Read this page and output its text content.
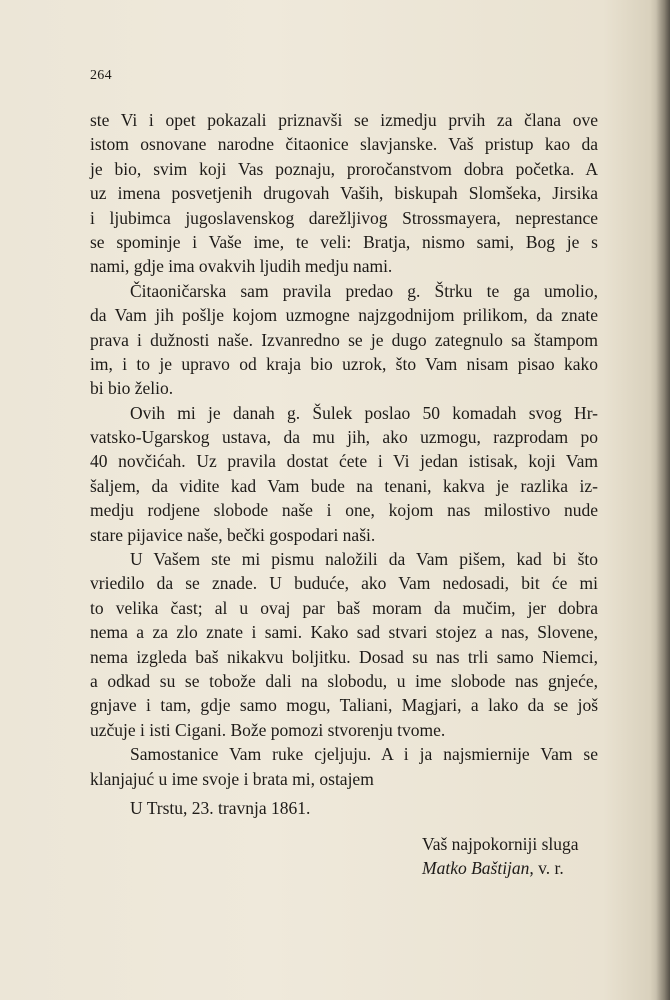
264
ste Vi i opet pokazali priznavši se izmedju prvih za člana ove
istom osnovane narodne čitaonice slavjanske. Vaš pristup kao da
je bio, svim koji Vas poznaju, proročanstvom dobra početka. A
uz imena posvetjenih drugovah Vaših, biskupah Slomšeka, Jirsika
i ljubimca jugoslavenskog darežljivog Strossmayera, neprestance
se spominje i Vaše ime, te veli: Bratja, nismo sami, Bog je s
nami, gdje ima ovakvih ljudih medju nami.
Čitaoničarska sam pravila predao g. Štrku te ga umolio,
da Vam jih pošlje kojom uzmogne najzgodnijom prilikom, da znate
prava i dužnosti naše. Izvanredno se je dugo zategnulo sa štampom
im, i to je upravo od kraja bio uzrok, što Vam nisam pisao kako
bi bio želio.
Ovih mi je danah g. Šulek poslao 50 komadah svog Hr-
vatsko-Ugarskog ustava, da mu jih, ako uzmogu, razprodam po
40 novčićah. Uz pravila dostat ćete i Vi jedan istisak, koji Vam
šaljem, da vidite kad Vam bude na tenani, kakva je razlika iz-
medju rodjene slobode naše i one, kojom nas milostivo nude
stare pijavice naše, bečki gospodari naši.
U Vašem ste mi pismu naložili da Vam pišem, kad bi što
vriedilo da se znade. U buduće, ako Vam nedosadi, bit će mi
to velika čast; al u ovaj par baš moram da mučim, jer dobra
nema a za zlo znate i sami. Kako sad stvari stojez a nas, Slovene,
nema izgleda baš nikakvu boljitku. Dosad su nas trli samo Niemci,
a odkad su se tobože dali na slobodu, u ime slobode nas gnjeće,
gnjave i tam, gdje samo mogu, Taliani, Magjari, a lako da se još
uzčuje i isti Cigani. Bože pomozi stvorenju tvome.
Samostanice Vam ruke cjeljuju. A i ja najsmiernije Vam se
klanjajuć u ime svoje i brata mi, ostajem
U Trstu, 23. travnja 1861.
Vaš najpokorniji sluga
Matko Baštijan, v. r.
